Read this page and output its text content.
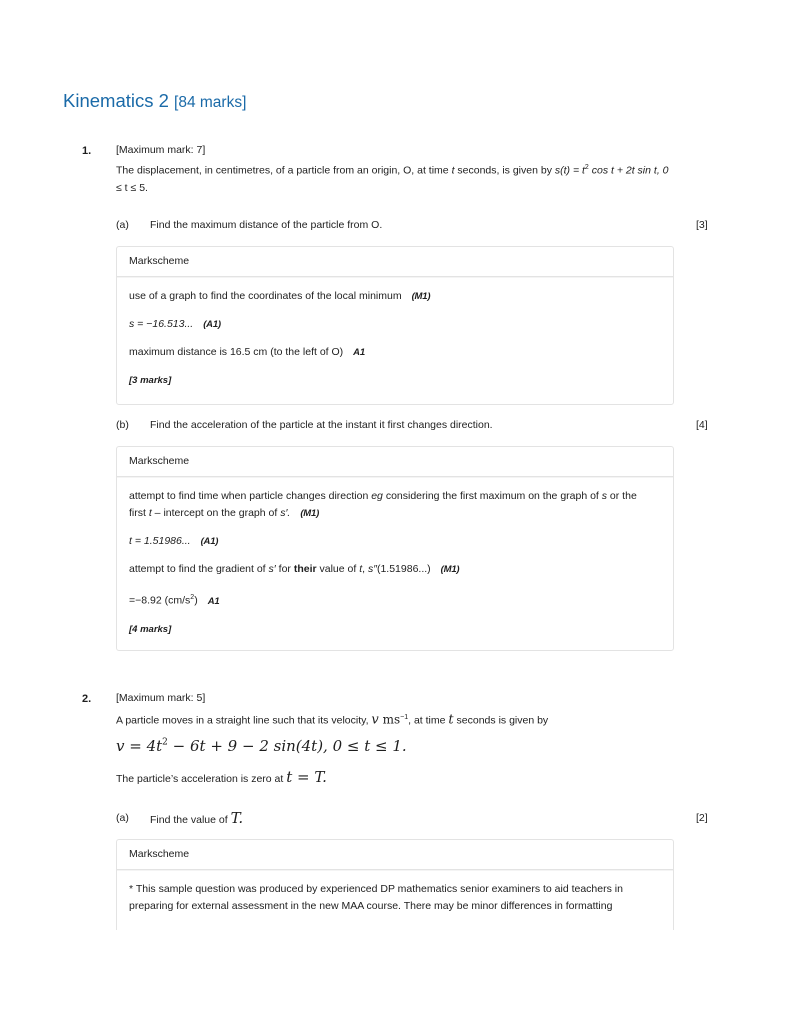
Kinematics 2 [84 marks]
1. [Maximum mark: 7]
The displacement, in centimetres, of a particle from an origin, O, at time t seconds, is given by $s(t) = t^2$ cos t + 2t sin t, 0
≤ t ≤ 5.
(a) Find the maximum distance of the particle from O.	[3]
Markscheme
use of a graph to find the coordinates of the local minimum (M1)
s = −16.513... (A1)
maximum distance is 16.5 cm (to the left of O) A1
[3 marks]
(b) Find the acceleration of the particle at the instant it first changes direction.	[4]
Markscheme
attempt to find time when particle changes direction eg considering the first maximum on the graph of s or the
first t – intercept on the graph of s′. (M1)
t = 1.51986... (A1)
attempt to find the gradient of s′ for their value of t, s″(1.51986...) (M1)
=−8.92 $(cm/s^2)$ A1
[4 marks]
2. [Maximum mark: 5]
A particle moves in a straight line such that its velocity, v $ms^{-1}$, at time t seconds is given by
$v = 4t^2 - 6t + 9 - 2$ sin(4t), 0 ≤ t ≤ 1.
The particle’s acceleration is zero at t = T.
(a) Find the value of T.	[2]
Markscheme
* This sample question was produced by experienced DP mathematics senior examiners to aid teachers in
preparing for external assessment in the new MAA course. There may be minor differences in formatting
